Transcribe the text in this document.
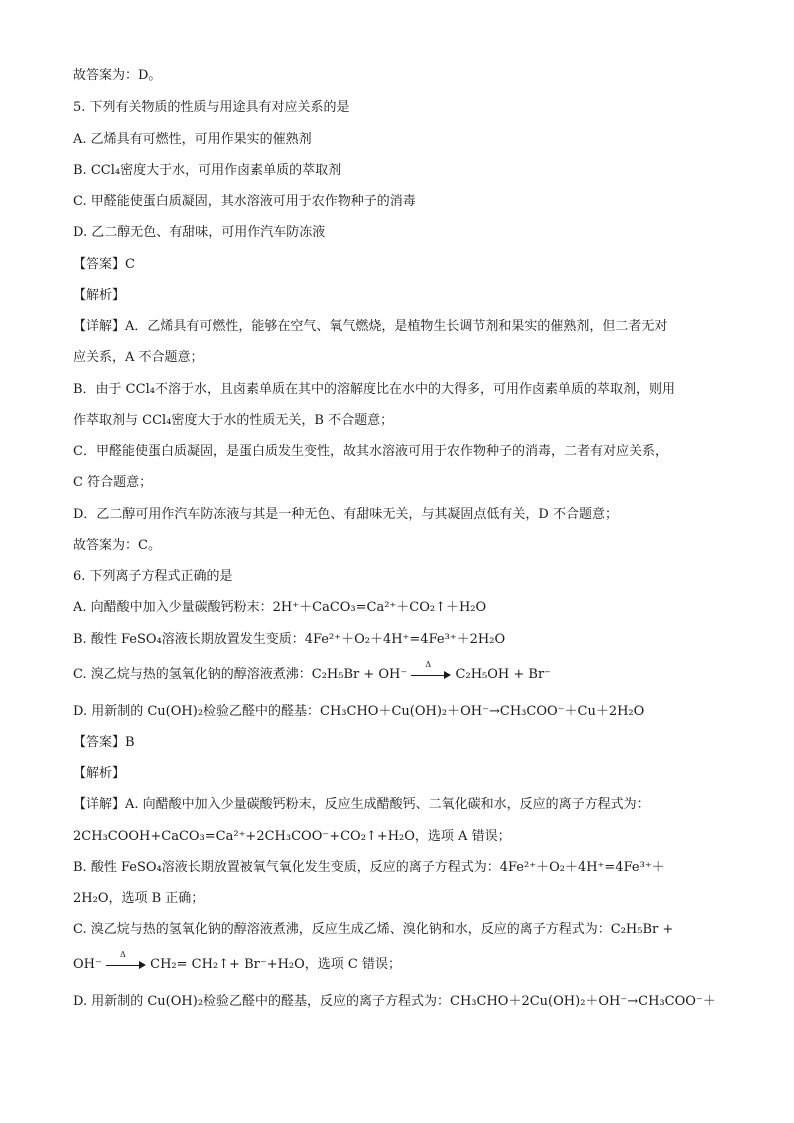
故答案为：D。
5. 下列有关物质的性质与用途具有对应关系的是
A. 乙烯具有可燃性，可用作果实的催熟剂
B. CCl₄密度大于水，可用作卤素单质的萃取剂
C. 甲醛能使蛋白质凝固，其水溶液可用于农作物种子的消毒
D. 乙二醇无色、有甜味，可用作汽车防冻液
【答案】C
【解析】
【详解】A．乙烯具有可燃性，能够在空气、氧气燃烧，是植物生长调节剂和果实的催熟剂，但二者无对
应关系，A 不合题意；
B．由于 CCl₄不溶于水，且卤素单质在其中的溶解度比在水中的大得多，可用作卤素单质的萃取剂，则用
作萃取剂与 CCl₄密度大于水的性质无关，B 不合题意；
C．甲醛能使蛋白质凝固，是蛋白质发生变性，故其水溶液可用于农作物种子的消毒，二者有对应关系，
C 符合题意；
D．乙二醇可用作汽车防冻液与其是一种无色、有甜味无关，与其凝固点低有关，D 不合题意；
故答案为：C。
6. 下列离子方程式正确的是
A. 向醋酸中加入少量碳酸钙粉末：2H⁺＋CaCO₃=Ca²⁺＋CO₂↑＋H₂O
B. 酸性 FeSO₄溶液长期放置发生变质：4Fe²⁺＋O₂＋4H⁺=4Fe³⁺＋2H₂O
C. 溴乙烷与热的氢氧化钠的醇溶液煮沸：C₂H₅Br + OH⁻
Δ
C₂H₅OH + Br⁻
D. 用新制的 Cu(OH)₂检验乙醛中的醛基：CH₃CHO＋Cu(OH)₂＋OH⁻→CH₃COO⁻＋Cu＋2H₂O
【答案】B
【解析】
【详解】A. 向醋酸中加入少量碳酸钙粉末，反应生成醋酸钙、二氧化碳和水，反应的离子方程式为：
2CH₃COOH+CaCO₃=Ca²⁺+2CH₃COO⁻+CO₂↑+H₂O，选项 A 错误；
B. 酸性 FeSO₄溶液长期放置被氧气氧化发生变质，反应的离子方程式为：4Fe²⁺＋O₂＋4H⁺=4Fe³⁺＋
2H₂O，选项 B 正确；
C. 溴乙烷与热的氢氧化钠的醇溶液煮沸，反应生成乙烯、溴化钠和水，反应的离子方程式为：C₂H₅Br +
OH⁻
Δ
CH₂= CH₂↑+ Br⁻+H₂O，选项 C 错误；
D. 用新制的 Cu(OH)₂检验乙醛中的醛基，反应的离子方程式为：CH₃CHO＋2Cu(OH)₂＋OH⁻→CH₃COO⁻＋
